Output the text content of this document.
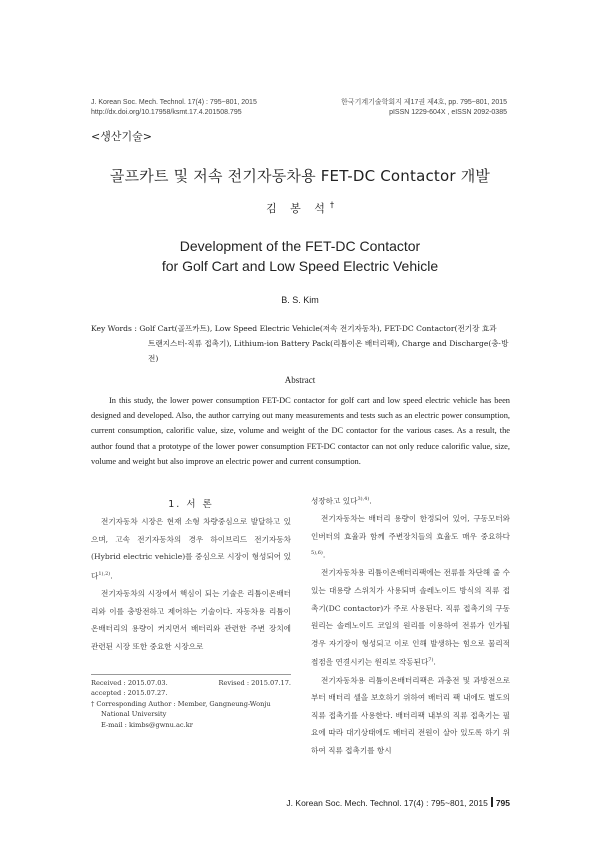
J. Korean Soc. Mech. Technol. 17(4) : 795~801, 2015
http://dx.doi.org/10.17958/ksmt.17.4.201508.795
한국기계기술학회지 제17권 제4호, pp. 795~801, 2015
pISSN 1229-604X , eISSN 2092-0385
<생산기술>
골프카트 및 저속 전기자동차용 FET-DC Contactor 개발
김 봉 석†
Development of the FET-DC Contactor
for Golf Cart and Low Speed Electric Vehicle
B. S. Kim
Key Words : Golf Cart(골프카트), Low Speed Electric Vehicle(저속 전기자동차), FET-DC Contactor(전기장 효과
트랜지스터-직류 접촉기), Lithium-ion Battery Pack(리튬이온 배터리팩), Charge and Discharge(충·방전)
Abstract
In this study, the lower power consumption FET-DC contactor for golf cart and low speed electric vehicle has been designed and developed. Also, the author carrying out many measurements and tests such as an electric power consumption, current consumption, calorific value, size, volume and weight of the DC contactor for the various cases. As a result, the author found that a prototype of the lower power consumption FET-DC contactor can not only reduce calorific value, size, volume and weight but also improve an electric power and current consumption.
1. 서 론

전기자동차 시장은 현재 소형 차량중심으로 발달하고 있으며, 고속 전기자동차의 경우 하이브리드 전기자동차(Hybrid electric vehicle)를 중심으로 시장이 형성되어 있다$^{1),2)}$.

전기자동차의 시장에서 핵심이 되는 기술은 리튬이온배터리와 이를 충방전하고 제어하는 기술이다. 자동차용 리튬이온배터리의 용량이 커지면서 배터리와 관련한 주변 장치에 관련된 시장 또한 중요한 시장으로

Received : 2015.07.03.	Revised : 2015.07.17.
accepted : 2015.07.27.
† Corresponding Author : Member, Gangneung-Wonju
National University
E-mail : kimbs@gwnu.ac.kr

성장하고 있다$^{3),4)}$.

전기자동차는 배터리 용량이 한정되어 있어, 구동모터와 인버터의 효율과 함께 주변장치들의 효율도 매우 중요하다$^{5),6)}$.

전기자동차용 리튬이온배터리팩에는 전류를 차단해 줄 수 있는 대용량 스위치가 사용되며 솔레노이드 방식의 직류 접촉기(DC contactor)가 주로 사용된다. 직류 접촉기의 구동원리는 솔레노이드 코일의 원리를 이용하여 전류가 인가될 경우 자기장이 형성되고 이로 인해 발생하는 힘으로 물리적 접점을 연결시키는 원리로 작동된다$^{7)}$.

전기자동차용 리튬이온배터리팩은 과충전 및 과방전으로부터 배터리 셀을 보호하기 위하여 배터리 팩 내에도 별도의 직류 접촉기를 사용한다. 배터리팩 내부의 직류 접촉기는 필요에 따라 대기상태에도 배터리 전원이 살아 있도록 하기 위하여 직류 접촉기를 항시

J. Korean Soc. Mech. Technol. 17(4) : 795~801, 2015 795
